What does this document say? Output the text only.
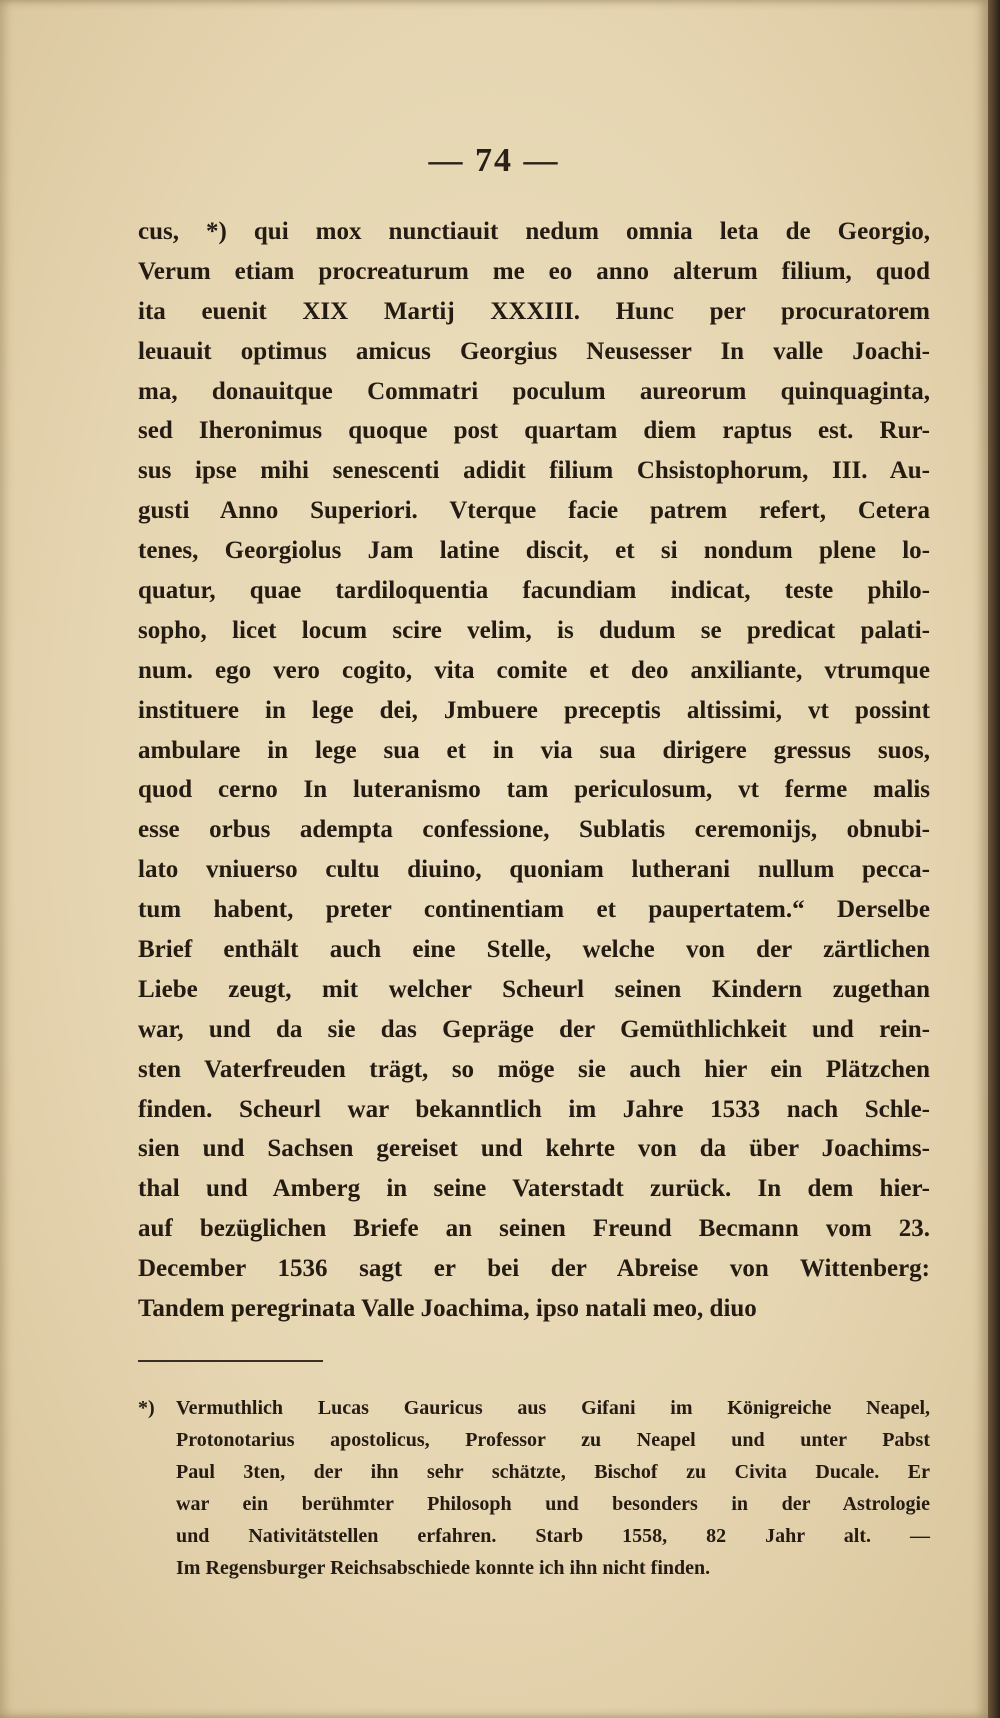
— 74 —
cus, *) qui mox nunctiauit nedum omnia leta de Georgio,
Verum etiam procreaturum me eo anno alterum filium, quod
ita euenit XIX Martij XXXIII. Hunc per procuratorem
leuauit optimus amicus Georgius Neusesser In valle Joachi-
ma, donauitque Commatri poculum aureorum quinquaginta,
sed Iheronimus quoque post quartam diem raptus est. Rur-
sus ipse mihi senescenti adidit filium Chsistophorum, III. Au-
gusti Anno Superiori. Vterque facie patrem refert, Cetera
tenes, Georgiolus Jam latine discit, et si nondum plene lo-
quatur, quae tardiloquentia facundiam indicat, teste philo-
sopho, licet locum scire velim, is dudum se predicat palati-
num. ego vero cogito, vita comite et deo anxiliante, vtrumque
instituere in lege dei, Jmbuere preceptis altissimi, vt possint
ambulare in lege sua et in via sua dirigere gressus suos,
quod cerno In luteranismo tam periculosum, vt ferme malis
esse orbus adempta confessione, Sublatis ceremonijs, obnubi-
lato vniuerso cultu diuino, quoniam lutherani nullum pecca-
tum habent, preter continentiam et paupertatem.“ Derselbe
Brief enthält auch eine Stelle, welche von der zärtlichen
Liebe zeugt, mit welcher Scheurl seinen Kindern zugethan
war, und da sie das Gepräge der Gemüthlichkeit und rein-
sten Vaterfreuden trägt, so möge sie auch hier ein Plätzchen
finden. Scheurl war bekanntlich im Jahre 1533 nach Schle-
sien und Sachsen gereiset und kehrte von da über Joachims-
thal und Amberg in seine Vaterstadt zurück. In dem hier-
auf bezüglichen Briefe an seinen Freund Becmann vom 23.
December 1536 sagt er bei der Abreise von Wittenberg:
Tandem peregrinata Valle Joachima, ipso natali meo, diuo
*) Vermuthlich Lucas Gauricus aus Gifani im Königreiche Neapel,
Protonotarius apostolicus, Professor zu Neapel und unter Pabst
Paul 3ten, der ihn sehr schätzte, Bischof zu Civita Ducale. Er
war ein berühmter Philosoph und besonders in der Astrologie
und Nativitätstellen erfahren. Starb 1558, 82 Jahr alt. —
Im Regensburger Reichsabschiede konnte ich ihn nicht finden.
